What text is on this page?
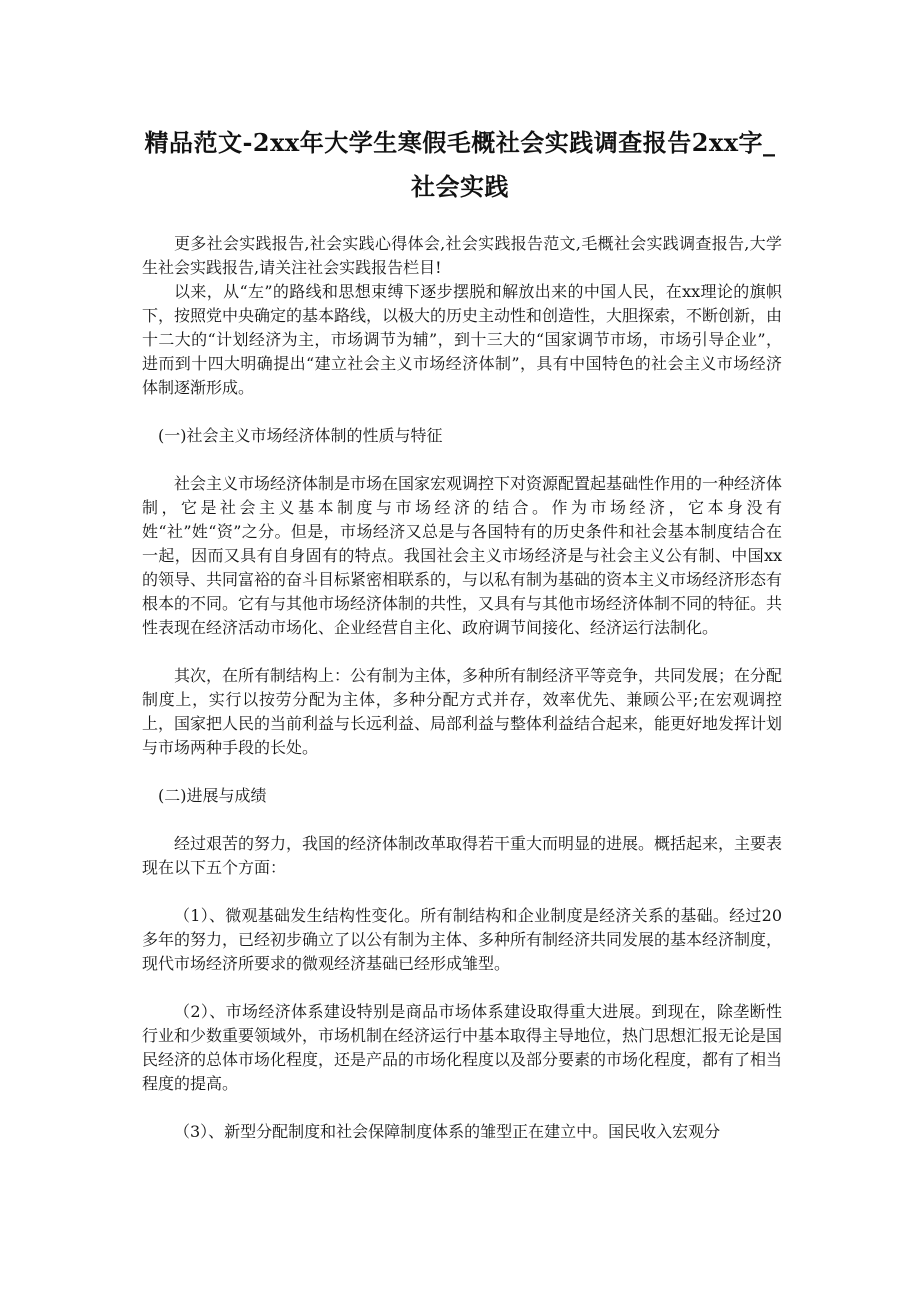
精品范文-2xx年大学生寒假毛概社会实践调查报告2xx字_
社会实践

更多社会实践报告,社会实践心得体会,社会实践报告范文,毛概社会实践调查报告,大学生社会实践报告,请关注社会实践报告栏目!

以来，从“左”的路线和思想束缚下逐步摆脱和解放出来的中国人民，在xx理论的旗帜下，按照党中央确定的基本路线，以极大的历史主动性和创造性，大胆探索，不断创新，由十二大的“计划经济为主，市场调节为辅”，到十三大的“国家调节市场，市场引导企业”，进而到十四大明确提出“建立社会主义市场经济体制”，具有中国特色的社会主义市场经济体制逐渐形成。

(一)社会主义市场经济体制的性质与特征

社会主义市场经济体制是市场在国家宏观调控下对资源配置起基础性作用的一种经济体制，它是社会主义基本制度与市场经济的结合。作为市场经济，它本身没有姓“社”姓“资”之分。但是，市场经济又总是与各国特有的历史条件和社会基本制度结合在一起，因而又具有自身固有的特点。我国社会主义市场经济是与社会主义公有制、中国xx的领导、共同富裕的奋斗目标紧密相联系的，与以私有制为基础的资本主义市场经济形态有根本的不同。它有与其他市场经济体制的共性，又具有与其他市场经济体制不同的特征。共性表现在经济活动市场化、企业经营自主化、政府调节间接化、经济运行法制化。

其次，在所有制结构上：公有制为主体，多种所有制经济平等竞争，共同发展；在分配制度上，实行以按劳分配为主体，多种分配方式并存，效率优先、兼顾公平;在宏观调控上，国家把人民的当前利益与长远利益、局部利益与整体利益结合起来，能更好地发挥计划与市场两种手段的长处。

(二)进展与成绩

经过艰苦的努力，我国的经济体制改革取得若干重大而明显的进展。概括起来，主要表现在以下五个方面：

（1）、微观基础发生结构性变化。所有制结构和企业制度是经济关系的基础。经过20多年的努力，已经初步确立了以公有制为主体、多种所有制经济共同发展的基本经济制度，现代市场经济所要求的微观经济基础已经形成雏型。

（2）、市场经济体系建设特别是商品市场体系建设取得重大进展。到现在，除垄断性行业和少数重要领域外，市场机制在经济运行中基本取得主导地位，热门思想汇报无论是国民经济的总体市场化程度，还是产品的市场化程度以及部分要素的市场化程度，都有了相当程度的提高。

（3）、新型分配制度和社会保障制度体系的雏型正在建立中。国民收入宏观分
